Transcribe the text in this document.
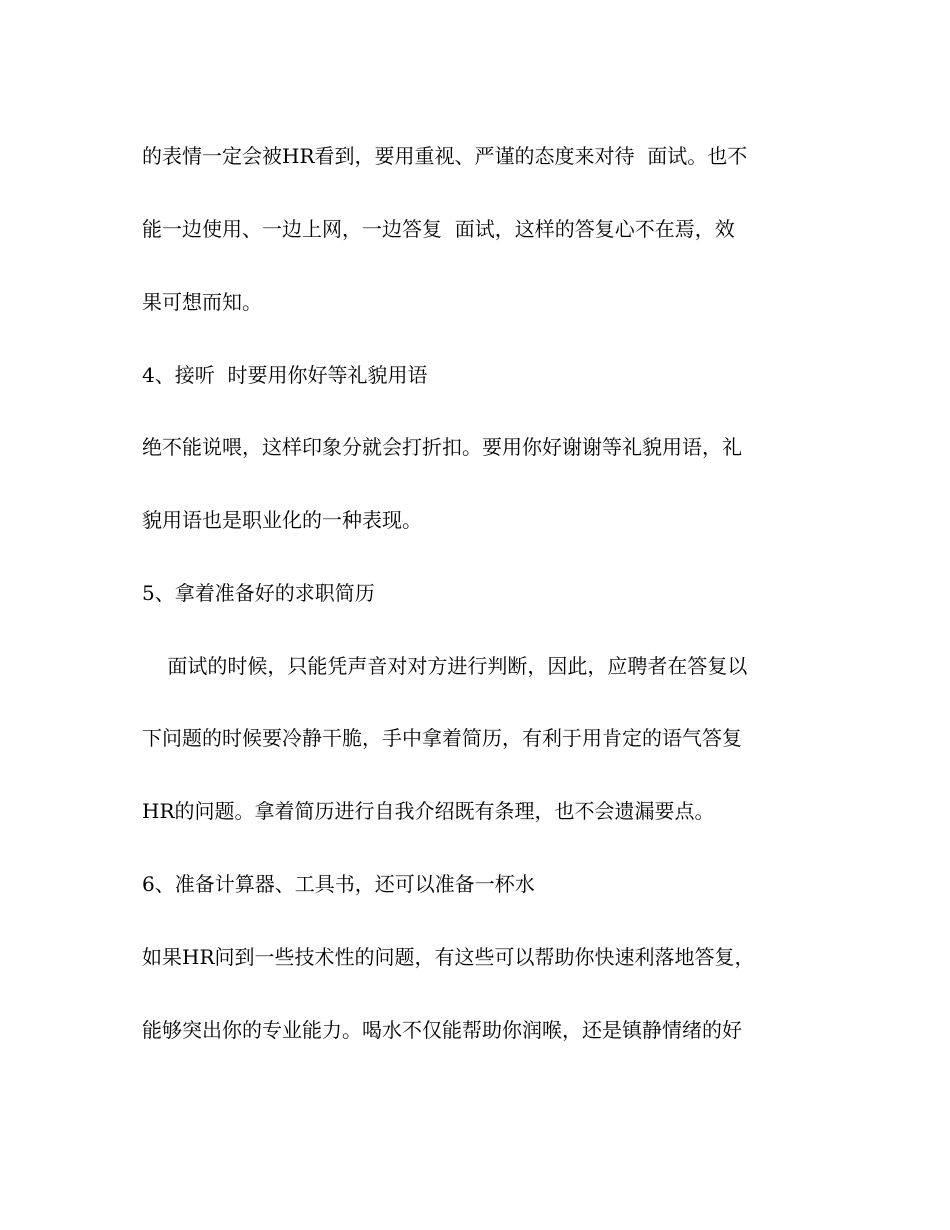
的表情一定会被HR看到，要用重视、严谨的态度来对待  面试。也不

能一边使用、一边上网，一边答复  面试，这样的答复心不在焉，效

果可想而知。

4、接听  时要用你好等礼貌用语

绝不能说喂，这样印象分就会打折扣。要用你好谢谢等礼貌用语，礼

貌用语也是职业化的一种表现。

5、拿着准备好的求职简历

面试的时候，只能凭声音对对方进行判断，因此，应聘者在答复以

下问题的时候要冷静干脆，手中拿着简历，有利于用肯定的语气答复

HR的问题。拿着简历进行自我介绍既有条理，也不会遗漏要点。

6、准备计算器、工具书，还可以准备一杯水

如果HR问到一些技术性的问题，有这些可以帮助你快速利落地答复，

能够突出你的专业能力。喝水不仅能帮助你润喉，还是镇静情绪的好
